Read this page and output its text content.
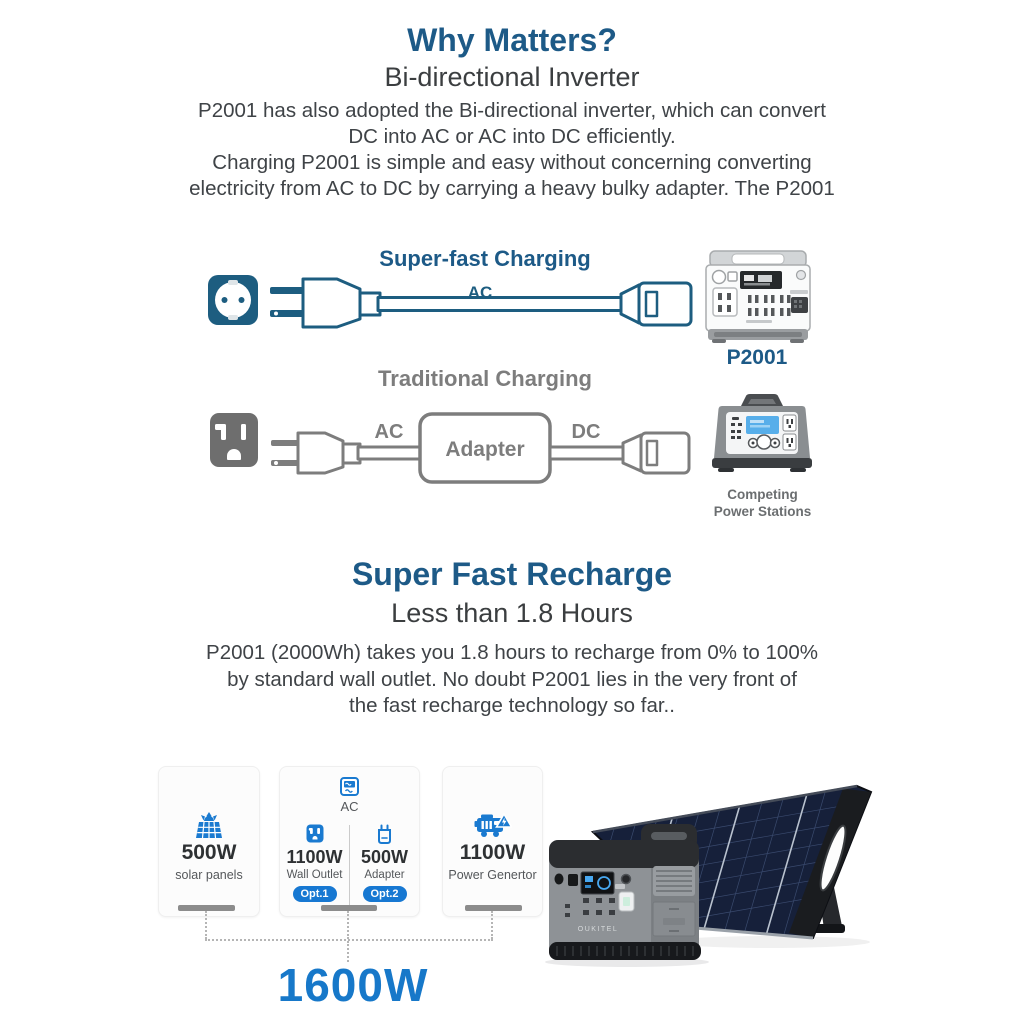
Why Matters?
Bi-directional Inverter
P2001 has also adopted the Bi-directional inverter, which can convert
DC into AC or AC into DC efficiently.
Charging P2001 is simple and easy without concerning converting
electricity from AC to DC by carrying a heavy bulky adapter. The P2001
Super-fast Charging
AC
P2001
Traditional Charging
AC
Adapter
DC
Competing
Power Stations
Super Fast Recharge
Less than 1.8 Hours
P2001 (2000Wh) takes you 1.8 hours to recharge from 0% to 100%
by standard wall outlet. No doubt P2001 lies in the very front of
the fast recharge technology so far..
500W
solar panels
AC
1100W
Wall Outlet
Opt.1
500W
Adapter
Opt.2
1100W
Power Genertor
1600W
OUKITEL
